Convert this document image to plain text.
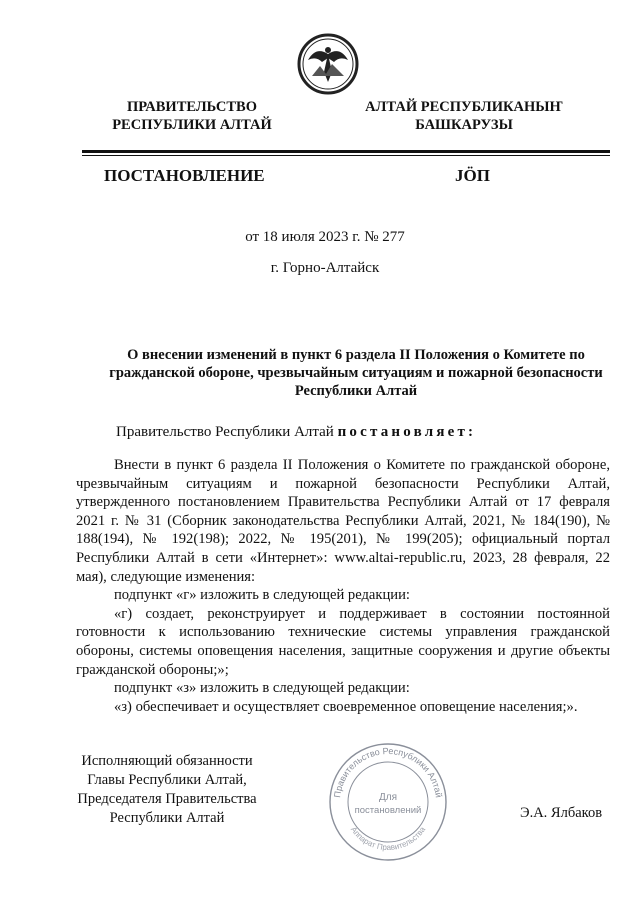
ПРАВИТЕЛЬСТВО
РЕСПУБЛИКИ АЛТАЙ
АЛТАЙ РЕСПУБЛИКАНЫҤ
БАШКАРУЗЫ
ПОСТАНОВЛЕНИЕ	JÖП
от 18 июля 2023 г. № 277
г. Горно-Алтайск
О внесении изменений в пункт 6 раздела II Положения о Комитете по
гражданской обороне, чрезвычайным ситуациям и пожарной безопасности
Республики Алтай
Правительство Республики Алтай постановляет:

Внести в пункт 6 раздела II Положения о Комитете по гражданской обороне, чрезвычайным ситуациям и пожарной безопасности Республики Алтай, утвержденного постановлением Правительства Республики Алтай от 17 февраля 2021 г. № 31 (Сборник законодательства Республики Алтай, 2021, № 184(190), № 188(194), № 192(198); 2022, № 195(201), № 199(205); официальный портал Республики Алтай в сети «Интернет»: www.altai-republic.ru, 2023, 28 февраля, 22 мая), следующие изменения:

подпункт «г» изложить в следующей редакции:

«г) создает, реконструирует и поддерживает в состоянии постоянной готовности к использованию технические системы управления гражданской обороны, системы оповещения населения, защитные сооружения и другие объекты гражданской обороны;»;

подпункт «з» изложить в следующей редакции:

«з) обеспечивает и осуществляет своевременное оповещение населения;».

Исполняющий обязанности
Главы Республики Алтай,
Председателя Правительства
Республики Алтай	Э.А. Ялбаков
Правительство Республики Алтай
Аппарат Правительства
Для
постановлений
